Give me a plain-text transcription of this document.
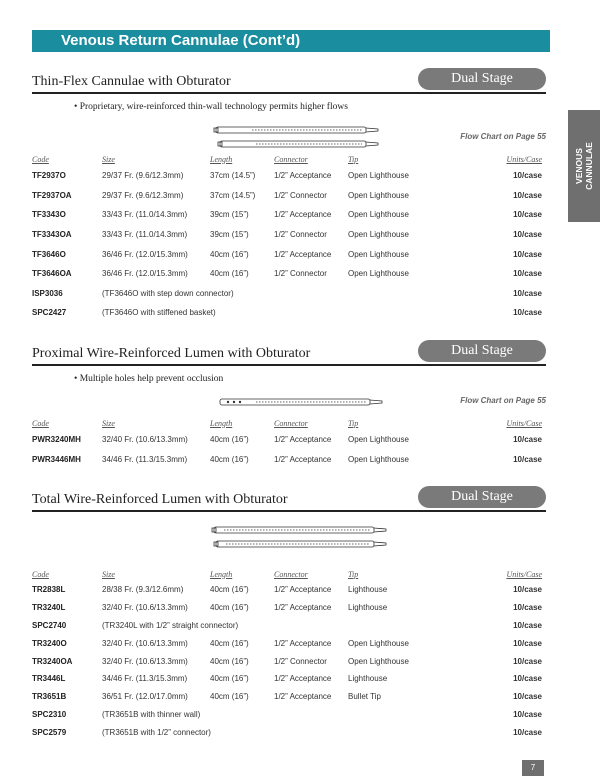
Venous Return Cannulae (Cont’d)
VENOUS CANNULAE
Thin-Flex Cannulae with Obturator	Dual Stage
• Proprietary, wire-reinforced thin-wall technology permits higher flows
Flow Chart on Page 55
Code	Size	Length	Connector	Tip	Units/Case
TF2937O	29/37 Fr. (9.6/12.3mm)	37cm (14.5”)	1/2” Acceptance	Open Lighthouse	10/case
TF2937OA	29/37 Fr. (9.6/12.3mm)	37cm (14.5”)	1/2” Connector	Open Lighthouse	10/case
TF3343O	33/43 Fr. (11.0/14.3mm)	39cm (15”)	1/2” Acceptance	Open Lighthouse	10/case
TF3343OA	33/43 Fr. (11.0/14.3mm)	39cm (15”)	1/2” Connector	Open Lighthouse	10/case
TF3646O	36/46 Fr. (12.0/15.3mm)	40cm (16”)	1/2” Acceptance	Open Lighthouse	10/case
TF3646OA	36/46 Fr. (12.0/15.3mm)	40cm (16”)	1/2” Connector	Open Lighthouse	10/case
ISP3036	(TF3646O with step down connector)				10/case
SPC2427	(TF3646O with stiffened basket)				10/case
Proximal Wire-Reinforced Lumen with Obturator	Dual Stage
• Multiple holes help prevent occlusion
Flow Chart on Page 55
Code	Size	Length	Connector	Tip	Units/Case
PWR3240MH	32/40 Fr. (10.6/13.3mm)	40cm (16”)	1/2” Acceptance	Open Lighthouse	10/case
PWR3446MH	34/46 Fr. (11.3/15.3mm)	40cm (16”)	1/2” Acceptance	Open Lighthouse	10/case
Total Wire-Reinforced Lumen with Obturator	Dual Stage
Code	Size	Length	Connector	Tip	Units/Case
TR2838L	28/38 Fr. (9.3/12.6mm)	40cm (16”)	1/2” Acceptance	Lighthouse	10/case
TR3240L	32/40 Fr. (10.6/13.3mm)	40cm (16”)	1/2” Acceptance	Lighthouse	10/case
SPC2740	(TR3240L with 1/2” straight connector)				10/case
TR3240O	32/40 Fr. (10.6/13.3mm)	40cm (16”)	1/2” Acceptance	Open Lighthouse	10/case
TR3240OA	32/40 Fr. (10.6/13.3mm)	40cm (16”)	1/2” Connector	Open Lighthouse	10/case
TR3446L	34/46 Fr. (11.3/15.3mm)	40cm (16”)	1/2” Acceptance	Lighthouse	10/case
TR3651B	36/51 Fr. (12.0/17.0mm)	40cm (16”)	1/2” Acceptance	Bullet Tip	10/case
SPC2310	(TR3651B with thinner wall)				10/case
SPC2579	(TR3651B with 1/2” connector)				10/case
7
